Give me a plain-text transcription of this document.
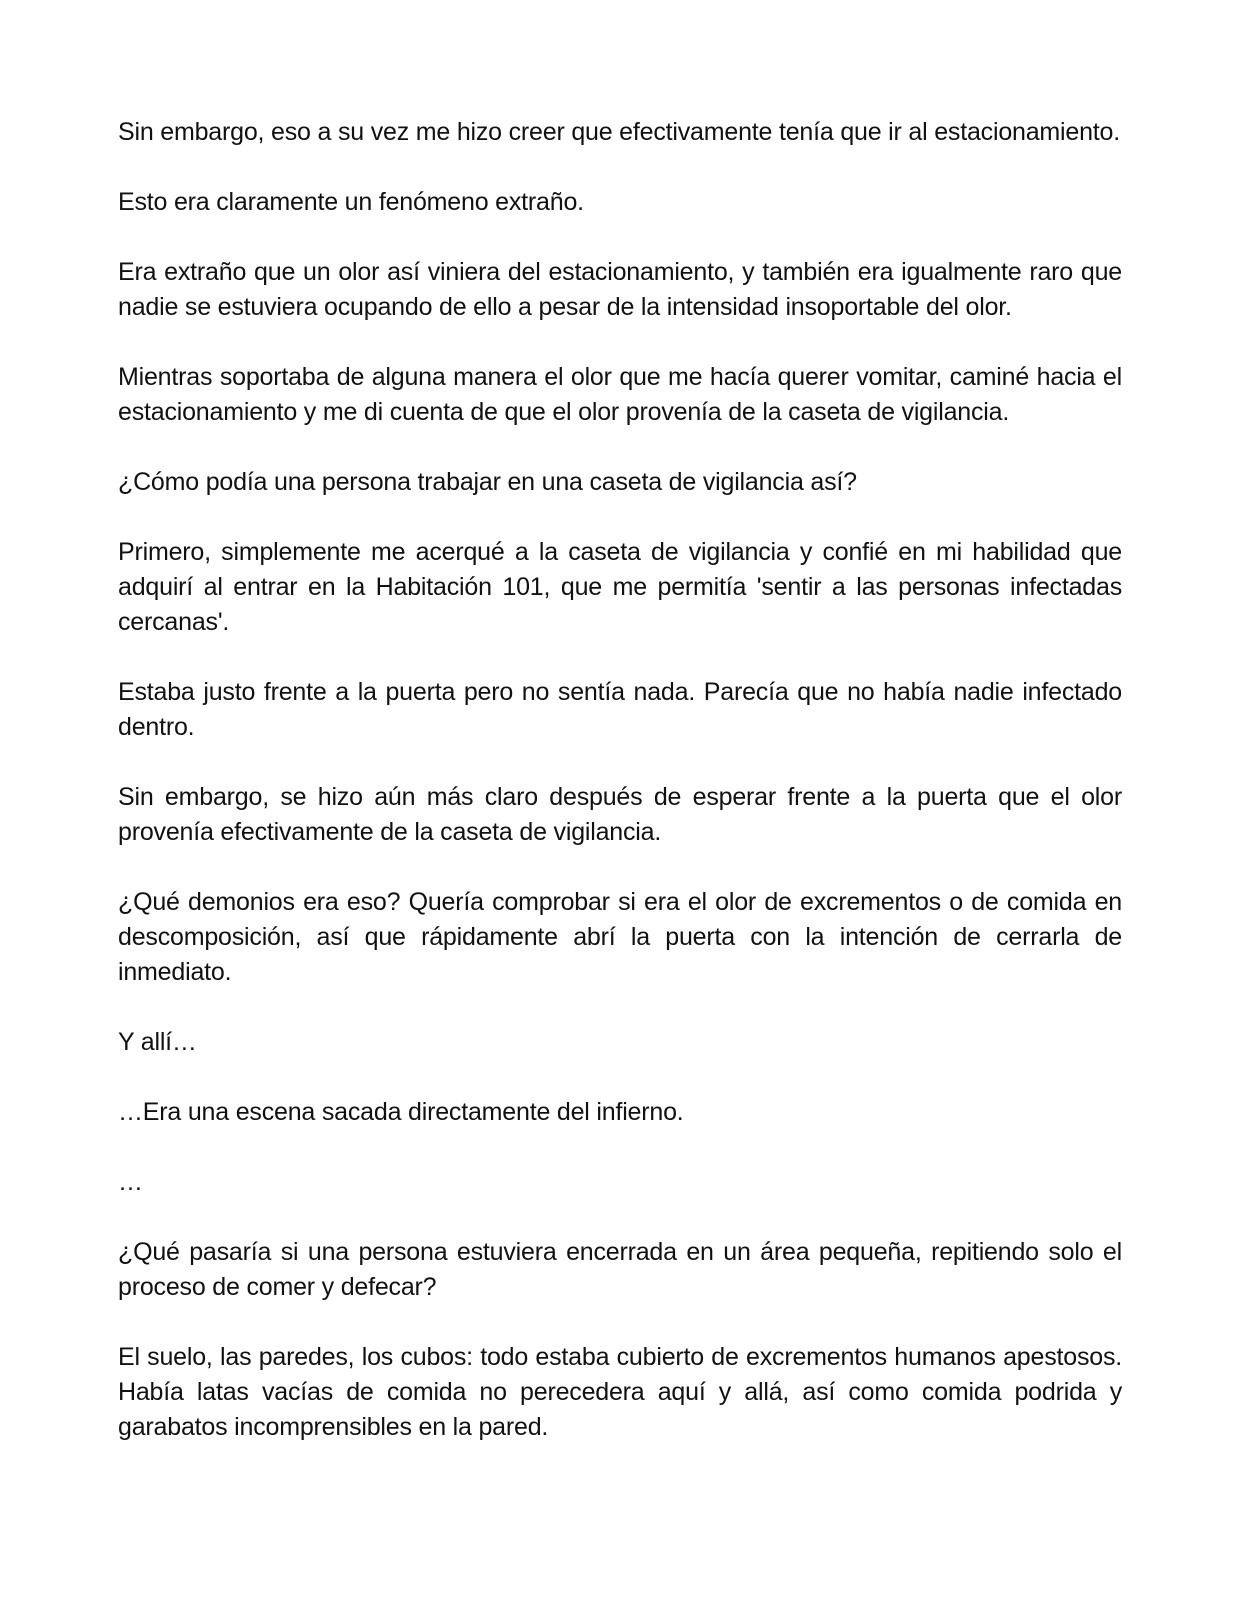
Sin embargo, eso a su vez me hizo creer que efectivamente tenía que ir al estacionamiento.

Esto era claramente un fenómeno extraño.

Era extraño que un olor así viniera del estacionamiento, y también era igualmente raro que nadie se estuviera ocupando de ello a pesar de la intensidad insoportable del olor.

Mientras soportaba de alguna manera el olor que me hacía querer vomitar, caminé hacia el estacionamiento y me di cuenta de que el olor provenía de la caseta de vigilancia.

¿Cómo podía una persona trabajar en una caseta de vigilancia así?

Primero, simplemente me acerqué a la caseta de vigilancia y confié en mi habilidad que adquirí al entrar en la Habitación 101, que me permitía 'sentir a las personas infectadas cercanas'.

Estaba justo frente a la puerta pero no sentía nada. Parecía que no había nadie infectado dentro.

Sin embargo, se hizo aún más claro después de esperar frente a la puerta que el olor provenía efectivamente de la caseta de vigilancia.

¿Qué demonios era eso? Quería comprobar si era el olor de excrementos o de comida en descomposición, así que rápidamente abrí la puerta con la intención de cerrarla de inmediato.

Y allí…

…Era una escena sacada directamente del infierno.

…

¿Qué pasaría si una persona estuviera encerrada en un área pequeña, repitiendo solo el proceso de comer y defecar?

El suelo, las paredes, los cubos: todo estaba cubierto de excrementos humanos apestosos. Había latas vacías de comida no perecedera aquí y allá, así como comida podrida y garabatos incomprensibles en la pared.
